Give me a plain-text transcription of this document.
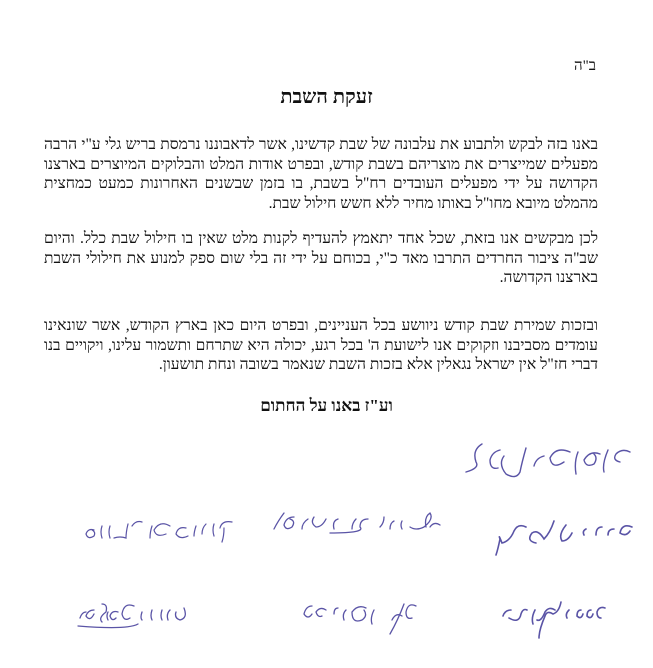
ב"ה
זעקת השבת
באנו בזה לבקש ולתבוע את עלבונה של שבת קדשינו, אשר לדאבוננו נרמסת בריש גלי ע"י הרבה מפעלים שמייצרים את מוצריהם בשבת קודש, ובפרט אודות המלט והבלוקים המיוצרים בארצנו הקדושה על ידי מפעלים העובדים רח"ל בשבת, בו בזמן שבשנים האחרונות כמעט כמחצית מהמלט מיובא מחו"ל באותו מחיר ללא חשש חילול שבת.
לכן מבקשים אנו בזאת, שכל אחד יתאמץ להעדיף לקנות מלט שאין בו חילול שבת כלל. והיום שב"ה ציבור החרדים התרבו מאד כ"י, בכוחם על ידי זה בלי שום ספק למנוע את חילולי השבת בארצנו הקדושה.
ובזכות שמירת שבת קודש ניוושע בכל העניינים, ובפרט היום כאן בארץ הקודש, אשר שונאינו עומדים מסביבנו וזקוקים אנו לישועת ה' בכל רגע, יכולה היא שתרחם ותשמור עלינו, ויקויים בנו דברי חז"ל אין ישראל נגאלין אלא בזכות השבת שנאמר בשובה ונחת תושעון.
וע"ז באנו על החתום
